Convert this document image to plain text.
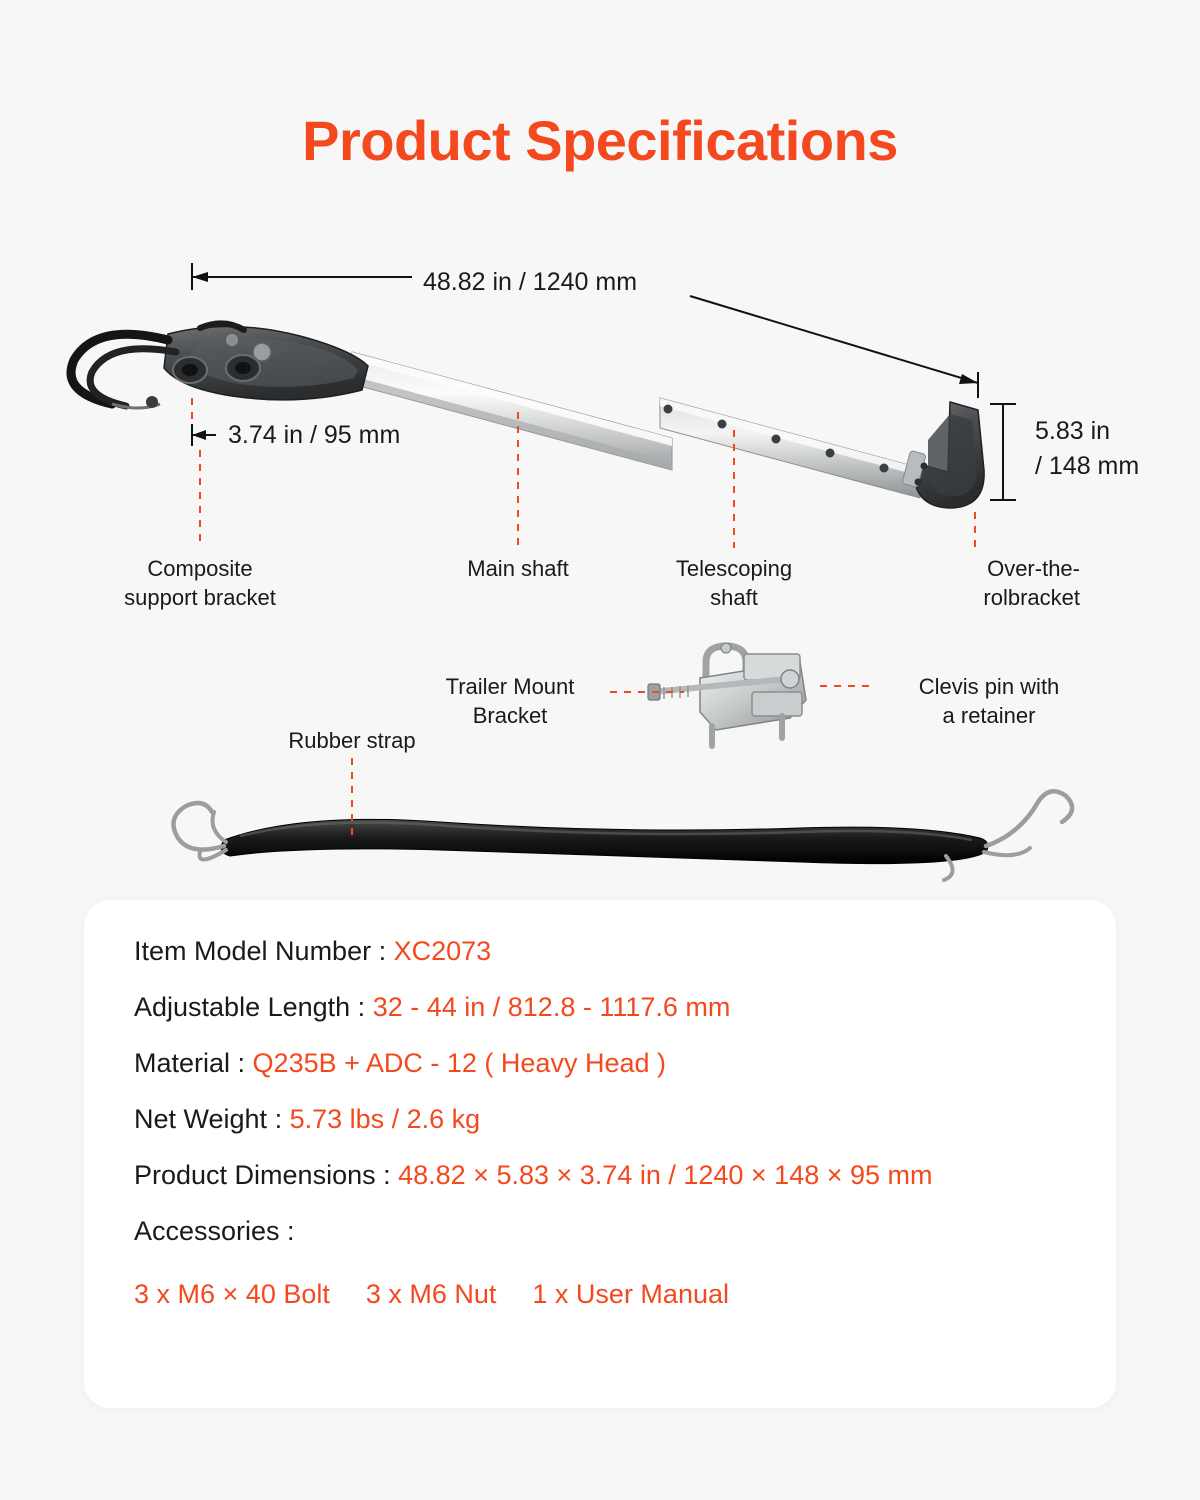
Product Specifications
48.82 in / 1240 mm
3.74 in / 95 mm	5.83 in
/ 148 mm
Composite
support bracket
Main shaft	Telescoping
shaft
Over-the-
rolbracket
Trailer Mount
Bracket
Clevis pin with
a retainer
Rubber strap
Item Model Number : XC2073
Adjustable Length : 32 - 44 in / 812.8 - 1117.6 mm
Material : Q235B + ADC - 12 ( Heavy Head )
Net Weight : 5.73 lbs / 2.6 kg
Product Dimensions : 48.82 × 5.83 × 3.74 in / 1240 × 148 × 95 mm
Accessories :
3 x M6 × 40 Bolt 3 x M6 Nut 1 x User Manual
